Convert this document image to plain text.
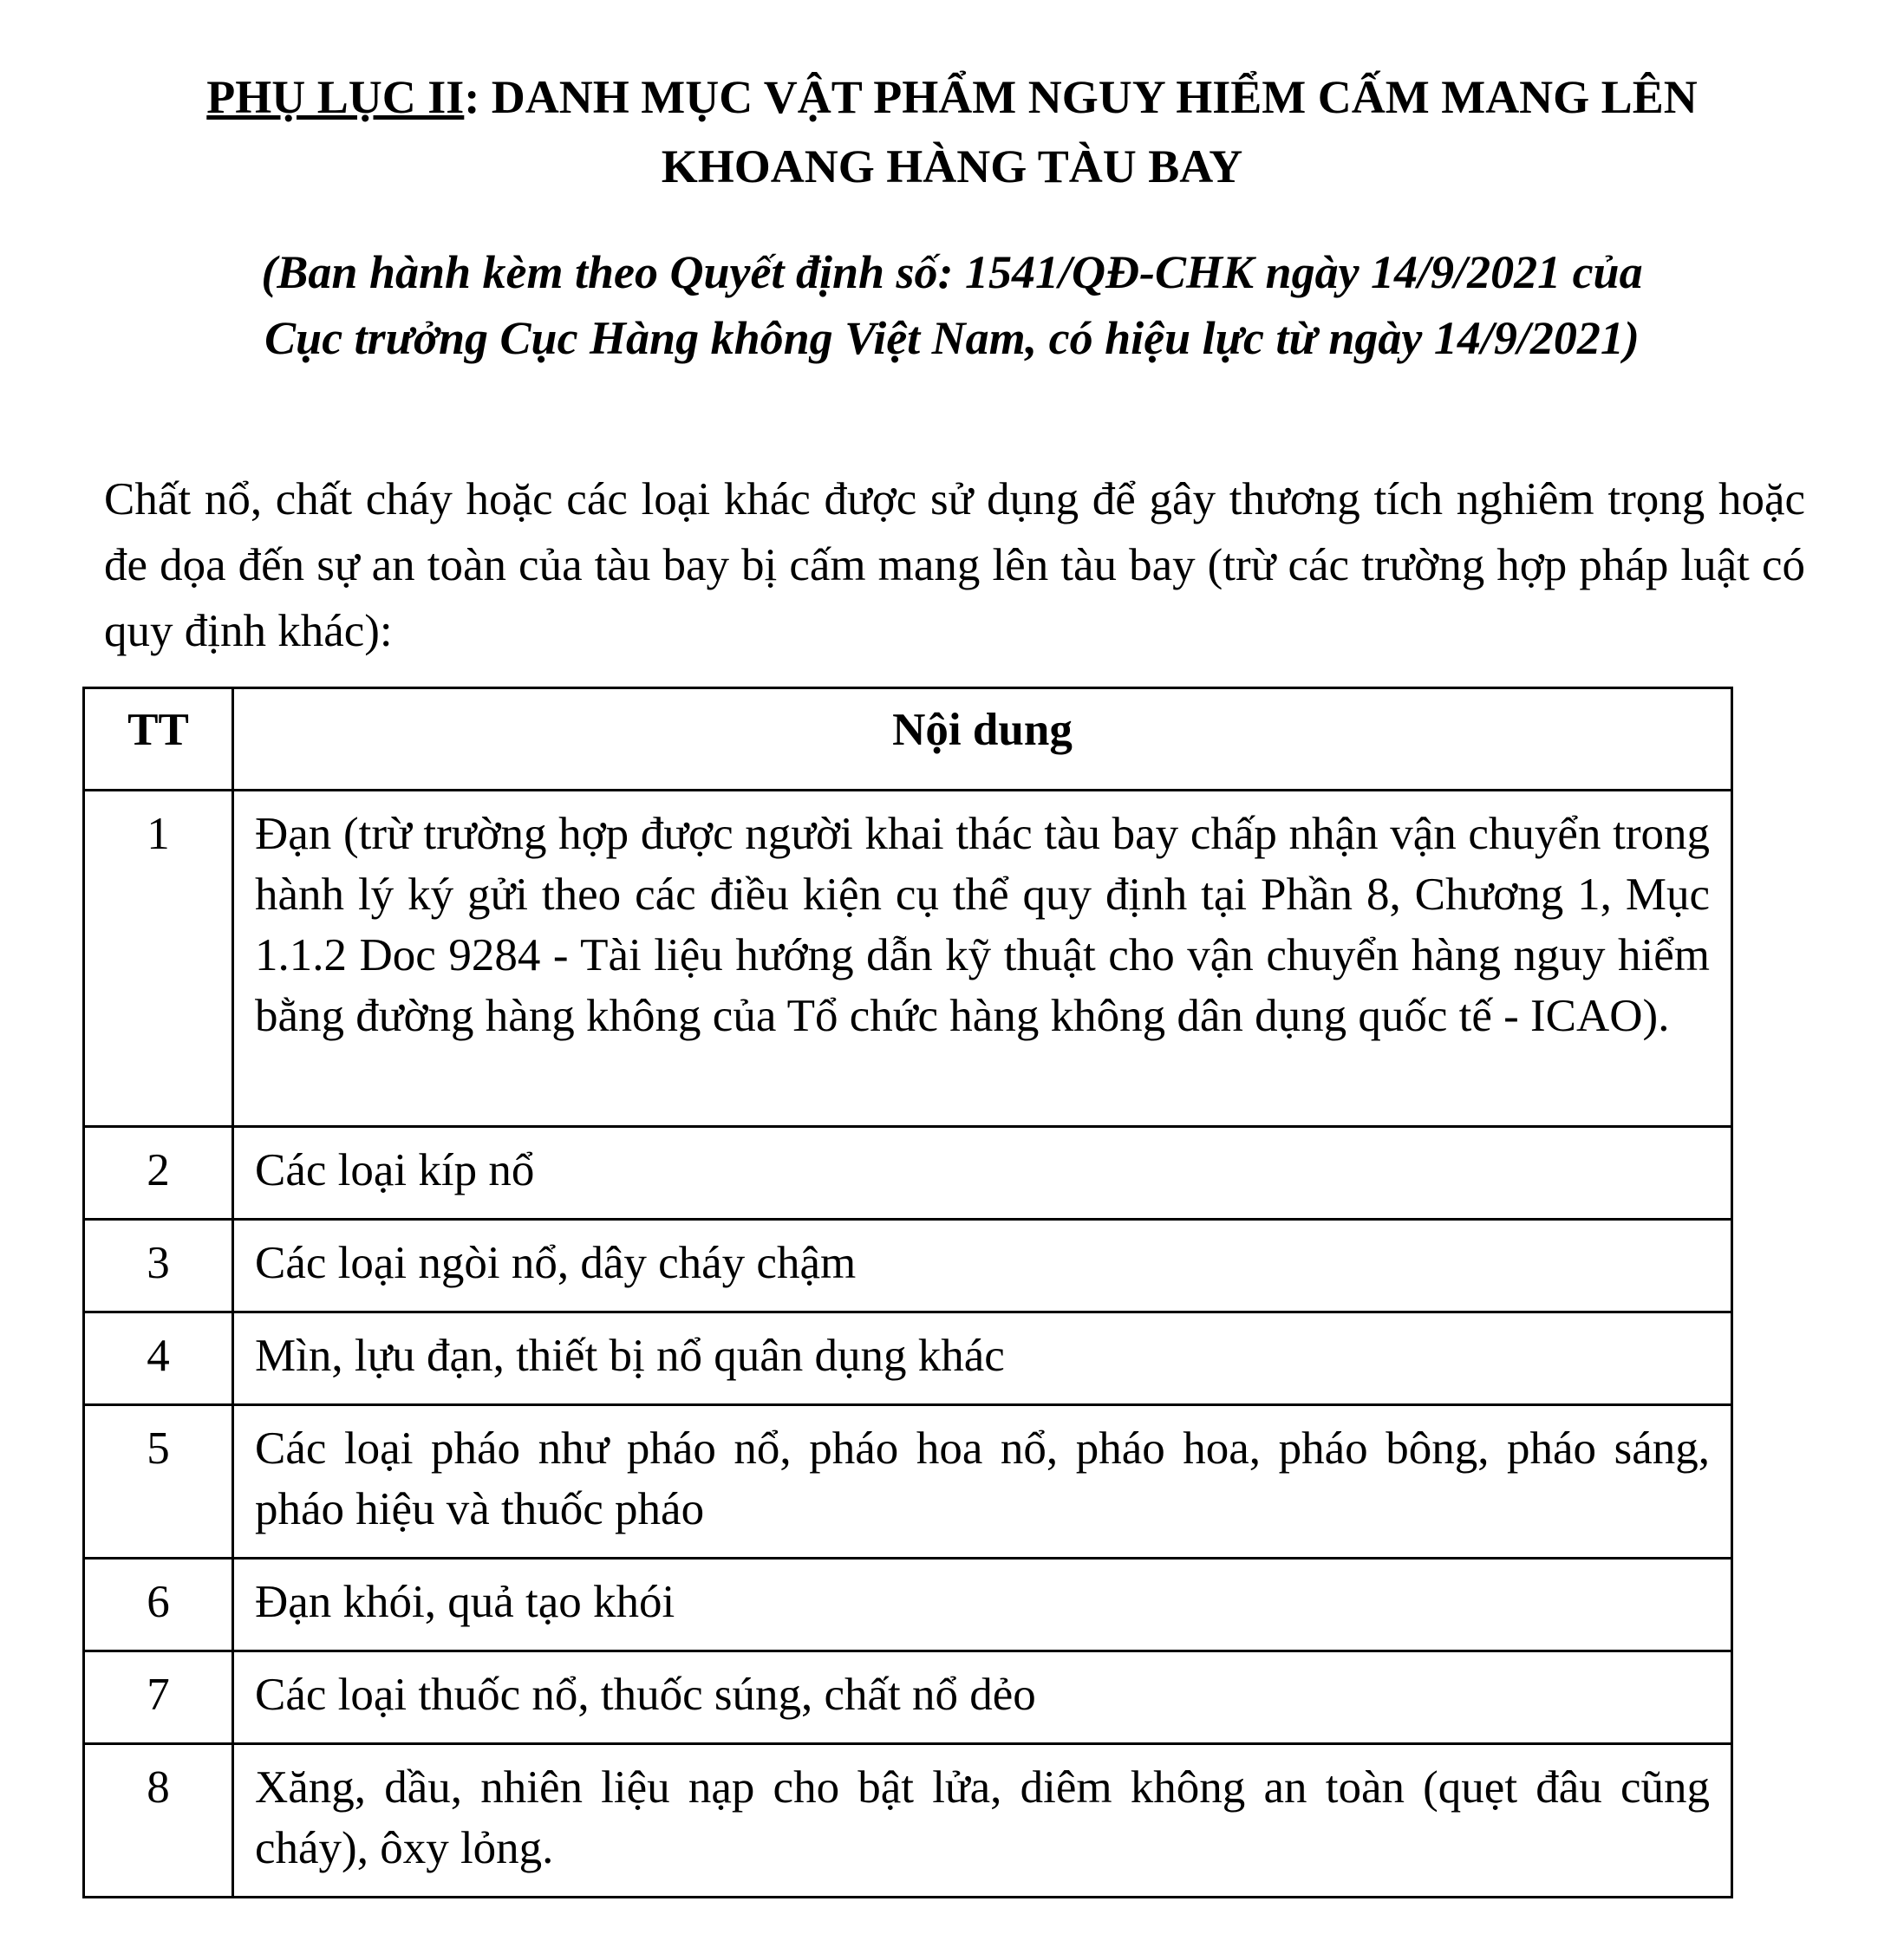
PHỤ LỤC II: DANH MỤC VẬT PHẨM NGUY HIỂM CẤM MANG LÊN KHOANG HÀNG TÀU BAY

(Ban hành kèm theo Quyết định số: 1541/QĐ-CHK ngày 14/9/2021 của
Cục trưởng Cục Hàng không Việt Nam, có hiệu lực từ ngày 14/9/2021)

Chất nổ, chất cháy hoặc các loại khác được sử dụng để gây thương tích nghiêm trọng hoặc đe dọa đến sự an toàn của tàu bay bị cấm mang lên tàu bay (trừ các trường hợp pháp luật có quy định khác):

TT	Nội dung
1	Đạn (trừ trường hợp được người khai thác tàu bay chấp nhận vận chuyển trong hành lý ký gửi theo các điều kiện cụ thể quy định tại Phần 8, Chương 1, Mục 1.1.2 Doc 9284 - Tài liệu hướng dẫn kỹ thuật cho vận chuyển hàng nguy hiểm bằng đường hàng không của Tổ chức hàng không dân dụng quốc tế - ICAO).
2	Các loại kíp nổ
3	Các loại ngòi nổ, dây cháy chậm
4	Mìn, lựu đạn, thiết bị nổ quân dụng khác
5	Các loại pháo như pháo nổ, pháo hoa nổ, pháo hoa, pháo bông, pháo sáng, pháo hiệu và thuốc pháo
6	Đạn khói, quả tạo khói
7	Các loại thuốc nổ, thuốc súng, chất nổ dẻo
8	Xăng, dầu, nhiên liệu nạp cho bật lửa, diêm không an toàn (quẹt đâu cũng cháy), ôxy lỏng.
